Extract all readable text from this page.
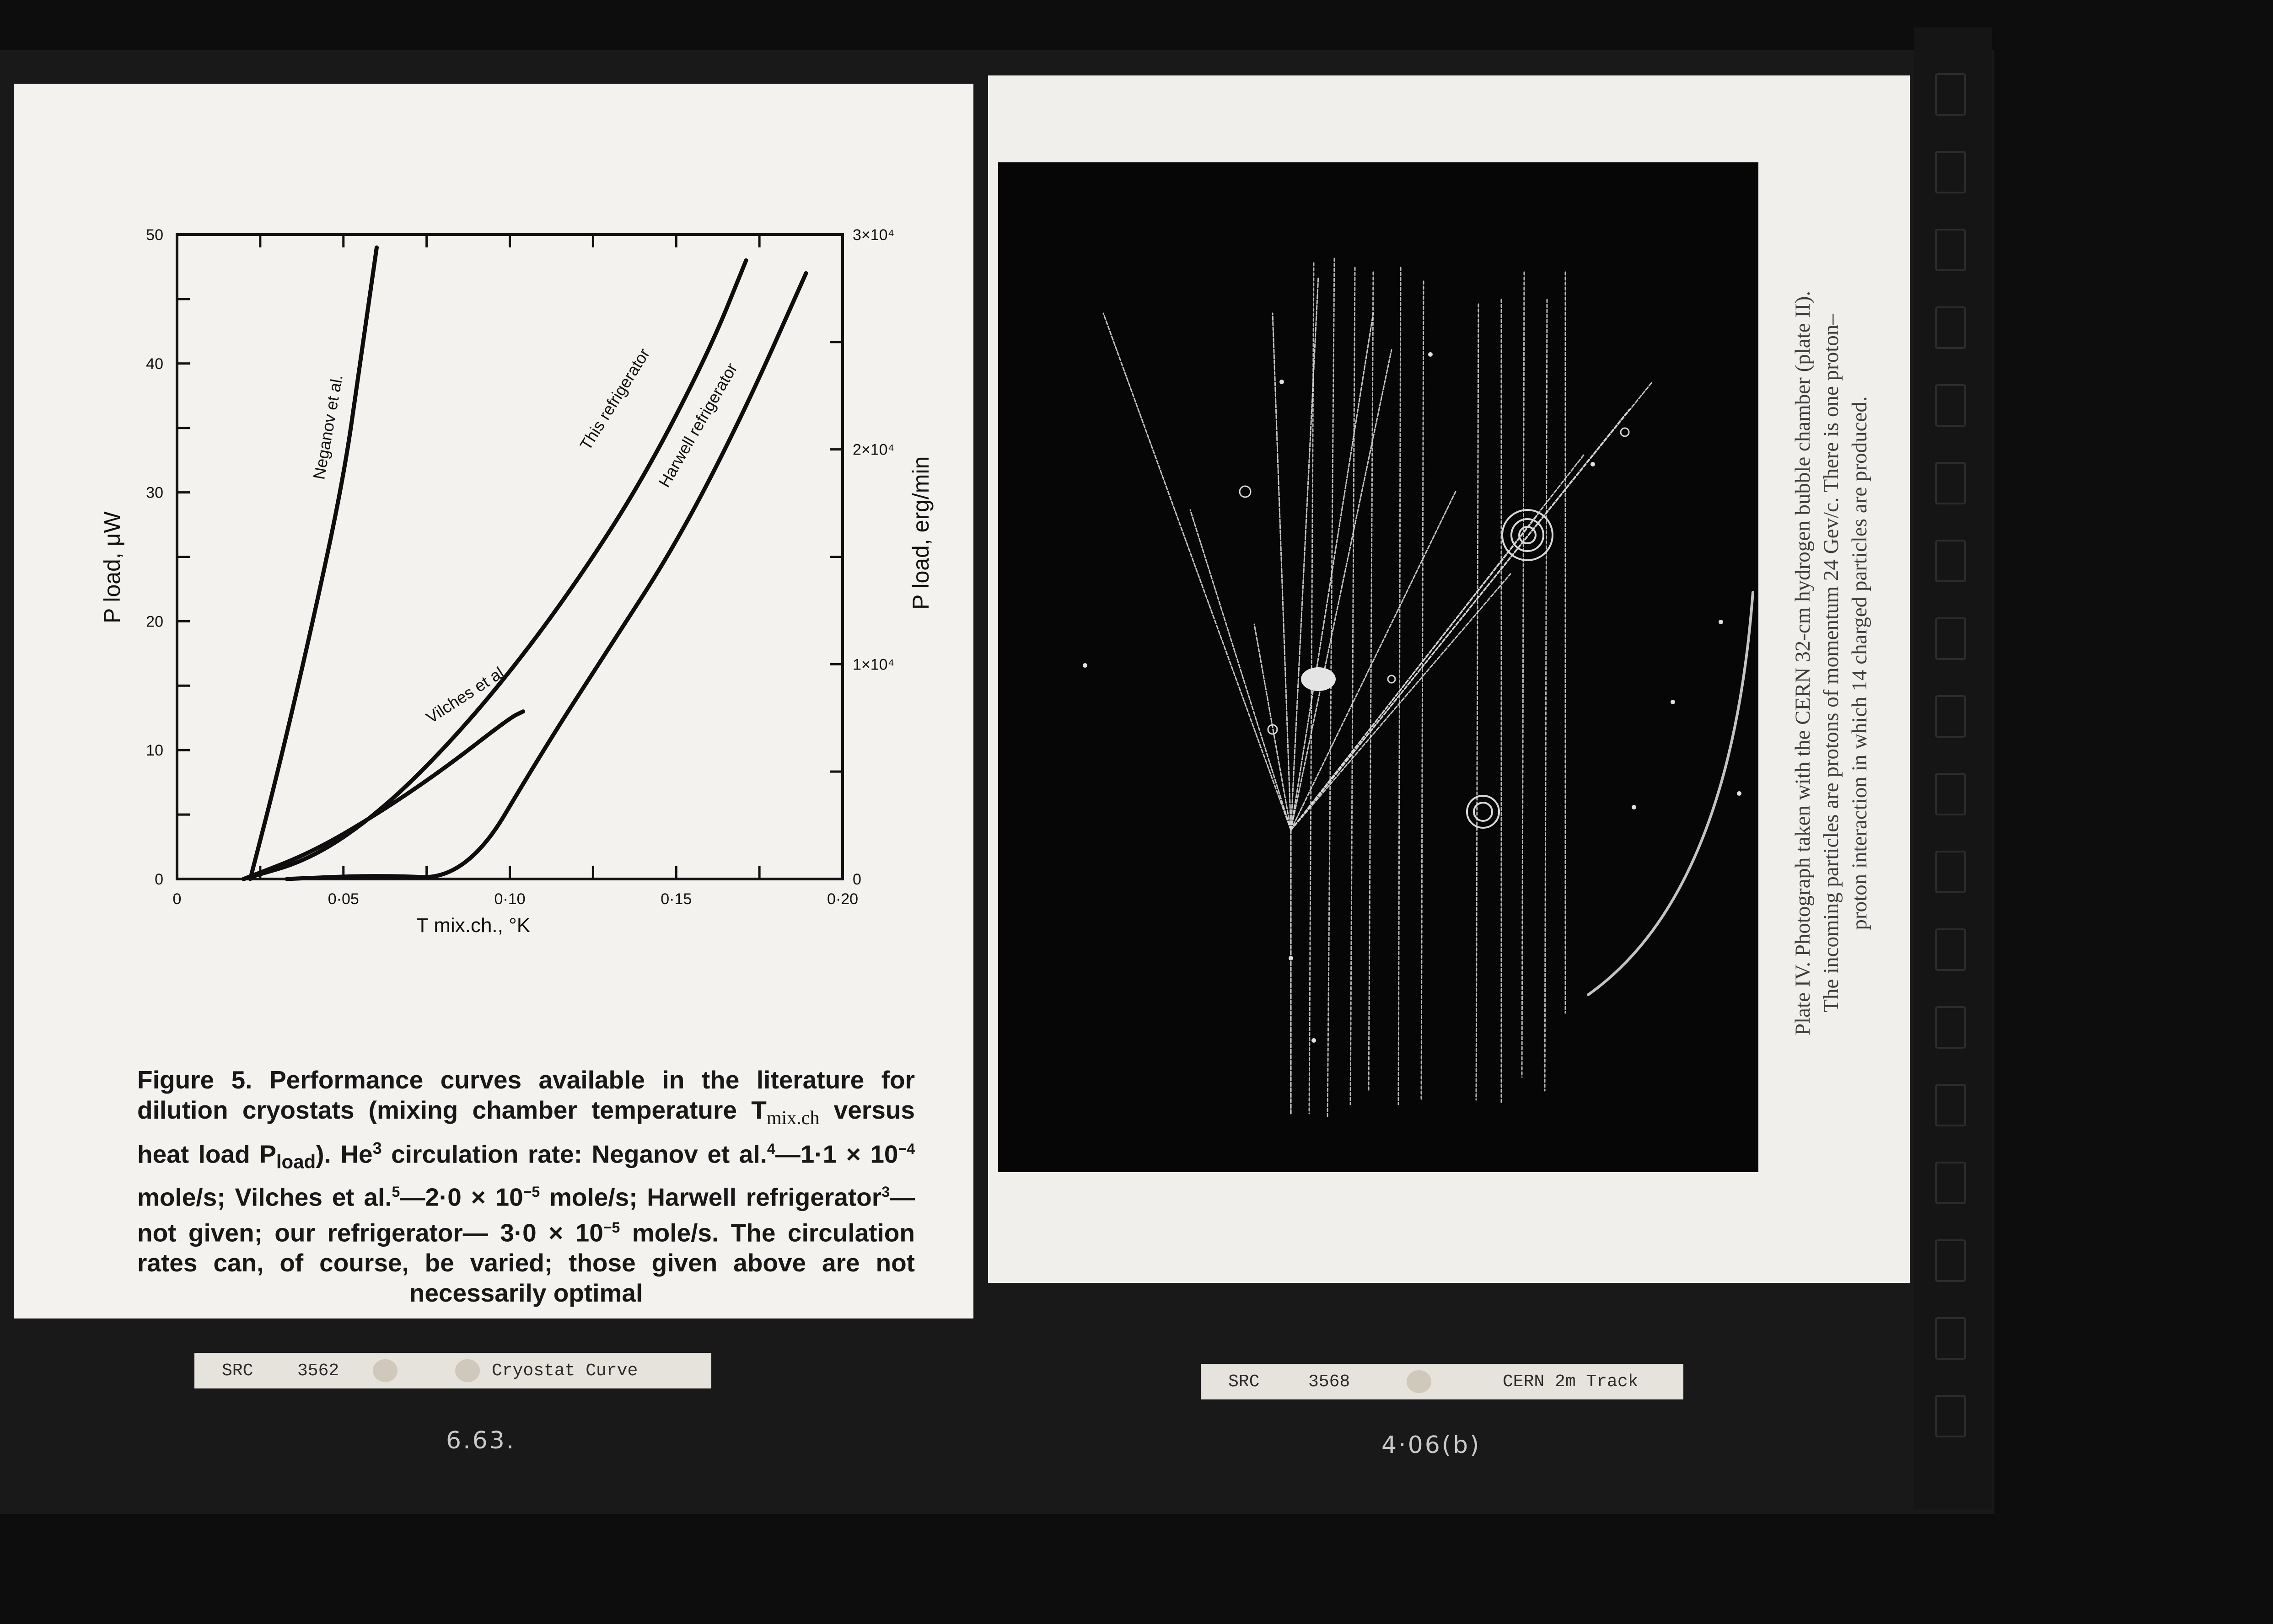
0	0·05	0·10	0·15	0·20
0
10
20
30
40
50
0
1×10⁴
2×10⁴
3×10⁴
Neganov et al.	This refrigerator
Vilches et al.
Harwell refrigerator
P load, μW	P load, erg/min
T mix.ch., °K
Figure 5. Performance curves available in the literature for dilution cryostats (mixing chamber temperature $T_{mix.ch}$ versus heat load $P_{load}$). He$^3$ circulation rate: Neganov et al.$^4$—1·1 × $10^{-4}$ mole/s; Vilches et al.$^5$—2·0 × $10^{-5}$ mole/s; Harwell refrigerator$^3$—not given; our refrigerator— $3\cdot 0 \times 10^{-5}$ mole/s. The circulation rates can, of course, be varied; those given above are not necessarily optimal
Plate IV. Photograph taken with the CERN 32-cm hydrogen bubble chamber (plate II). The incoming particles are protons of momentum 24 Gev/c. There is one proton– proton interaction in which 14 charged particles are produced.
SRC	3562	Cryostat Curve
SRC	3568	CERN 2m Track
6.63.	4·06(b)
